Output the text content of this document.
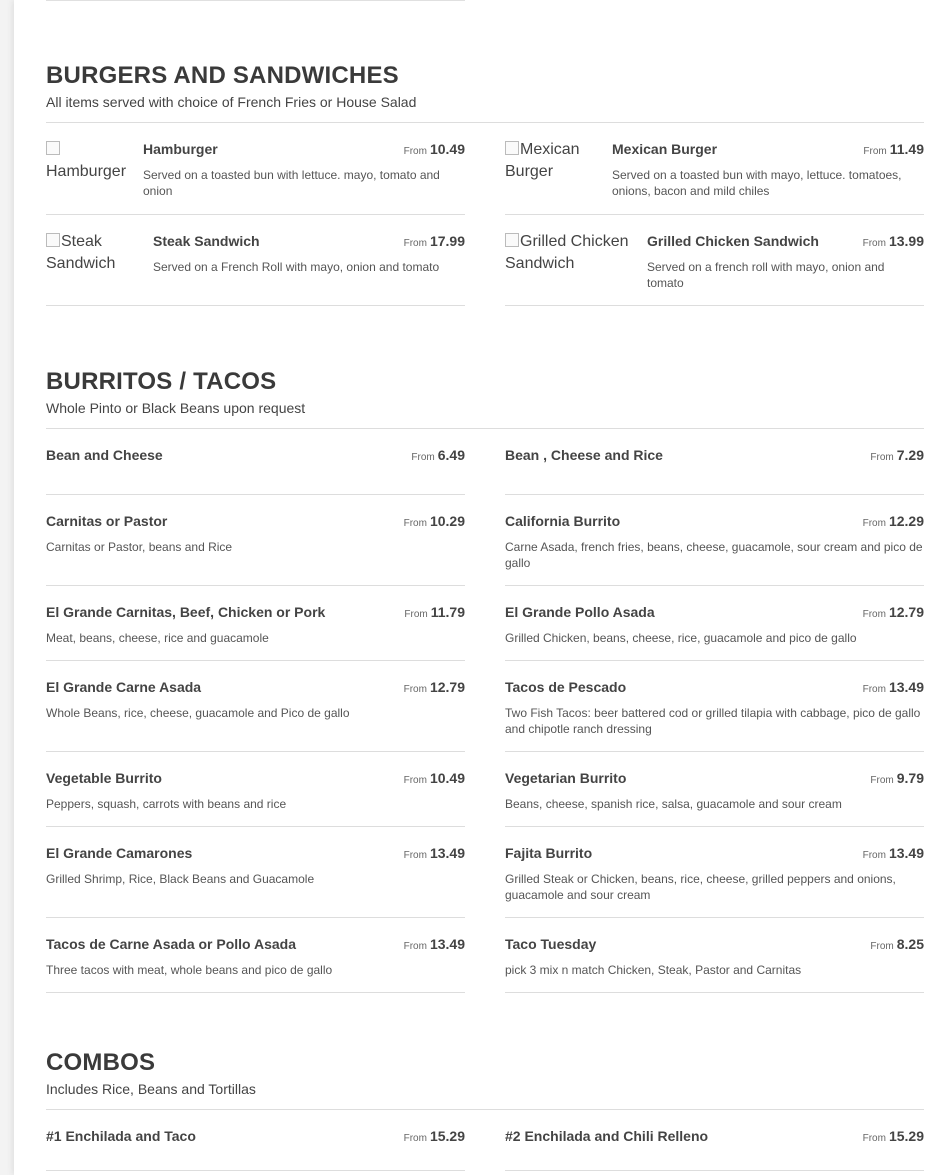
BURGERS AND SANDWICHES

All items served with choice of French Fries or House Salad

Hamburger
Hamburger	From 10.49

Served on a toasted bun with lettuce. mayo, tomato and onion

Mexican Burger
Mexican Burger	From 11.49

Served on a toasted bun with mayo, lettuce. tomatoes, onions, bacon and mild chiles

Steak Sandwich
Steak Sandwich	From 17.99

Served on a French Roll with mayo, onion and tomato

Grilled Chicken Sandwich
Grilled Chicken Sandwich	From 13.99

Served on a french roll with mayo, onion and tomato

BURRITOS / TACOS

Whole Pinto or Black Beans upon request

Bean and Cheese	From 6.49	Bean , Cheese and Rice	From 7.29
Carnitas or Pastor	From 10.29

Carnitas or Pastor, beans and Rice

California Burrito	From 12.29

Carne Asada, french fries, beans, cheese, guacamole, sour cream and pico de gallo

El Grande Carnitas, Beef, Chicken or Pork	From 11.79

Meat, beans, cheese, rice and guacamole

El Grande Pollo Asada	From 12.79

Grilled Chicken, beans, cheese, rice, guacamole and pico de gallo

El Grande Carne Asada	From 12.79

Whole Beans, rice, cheese, guacamole and Pico de gallo

Tacos de Pescado	From 13.49

Two Fish Tacos: beer battered cod or grilled tilapia with cabbage, pico de gallo and chipotle ranch dressing

Vegetable Burrito	From 10.49

Peppers, squash, carrots with beans and rice

Vegetarian Burrito	From 9.79

Beans, cheese, spanish rice, salsa, guacamole and sour cream

El Grande Camarones	From 13.49

Grilled Shrimp, Rice, Black Beans and Guacamole

Fajita Burrito	From 13.49

Grilled Steak or Chicken, beans, rice, cheese, grilled peppers and onions, guacamole and sour cream

Tacos de Carne Asada or Pollo Asada	From 13.49

Three tacos with meat, whole beans and pico de gallo

Taco Tuesday	From 8.25

pick 3 mix n match Chicken, Steak, Pastor and Carnitas

COMBOS

Includes Rice, Beans and Tortillas

#1 Enchilada and Taco	From 15.29	#2 Enchilada and Chili Relleno	From 15.29
